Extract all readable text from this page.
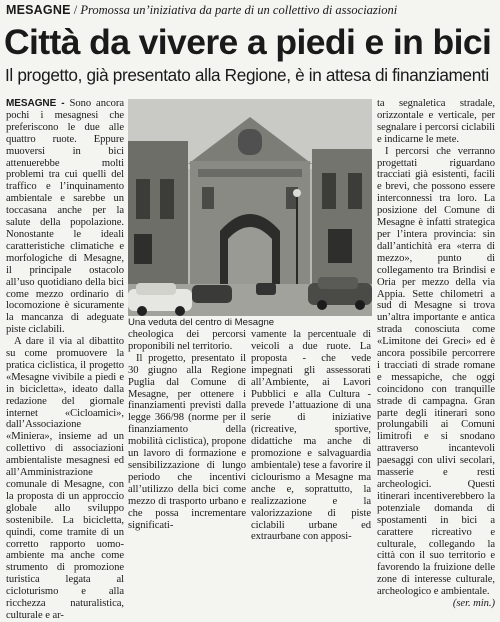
MESAGNE / Promossa un’iniziativa da parte di un collettivo di associazioni
Città da vivere a piedi e in bici
Il progetto, già presentato alla Regione, è in attesa di finanziamenti

MESAGNE - Sono ancora pochi i mesagnesi che preferiscono le due alle quattro ruote. Eppure muoversi in bici attenuerebbe molti problemi tra cui quelli del traffico e l’inquinamento ambientale e sarebbe un toccasana anche per la salute della popolazione. Nonostante le ideali caratteristiche climatiche e morfologiche di Mesagne, il principale ostacolo all’uso quotidiano della bici come mezzo ordinario di locomozione è sicuramente la mancanza di adeguate piste ciclabili.

A dare il via al dibattito su come promuovere la pratica ciclistica, il progetto «Mesagne vivibile a piedi e in bicicletta», ideato dalla redazione del giornale internet «Cicloamici», dall’Associazione «Miniera», insieme ad un collettivo di associazioni ambientaliste mesagnesi ed all’Amministrazione comunale di Mesagne, con la proposta di un approccio globale allo sviluppo sostenibile. La bicicletta, quindi, come tramite di un corretto rapporto uomo-ambiente ma anche come strumento di promozione turistica legata al cicloturismo e alla ricchezza naturalistica, culturale e ar-

Una veduta del centro di Mesagne

cheologica dei percorsi proponibili nel territorio.

Il progetto, presentato il 30 giugno alla Regione Puglia dal Comune di Mesagne, per ottenere i finanziamenti previsti dalla legge 366/98 (norme per il finanziamento della mobilità ciclistica), propone un lavoro di formazione e sensibilizzazione di lungo periodo che incentivi all’utilizzo della bici come mezzo di trasporto urbano e che possa incrementare significati-

vamente la percentuale di veicoli a due ruote. La proposta - che vede impegnati gli assessorati all’Ambiente, ai Lavori Pubblici e alla Cultura - prevede l’attuazione di una serie di iniziative (ricreative, sportive, didattiche ma anche di promozione e salvaguardia ambientale) tese a favorire il ciclourismo a Mesagne ma anche e, soprattutto, la realizzazione e la valorizzazione di piste ciclabili urbane ed extraurbane con apposi-

ta segnaletica stradale, orizzontale e verticale, per segnalare i percorsi ciclabili e indicarne le mete.

I percorsi che verranno progettati riguardano tracciati già esistenti, facili e brevi, che possono essere interconnessi tra loro. La posizione del Comune di Mesagne è infatti strategica per l’intera provincia: sin dall’antichità era «terra di mezzo», punto di collegamento tra Brindisi e Oria per mezzo della via Appia. Sette chilometri a sud di Mesagne si trova un’altra importante e antica strada conosciuta come «Limitone dei Greci» ed è ancora possibile percorrere i tracciati di strade romane e messapiche, che oggi coincidono con tranquille strade di campagna. Gran parte degli itinerari sono prolungabili ai Comuni limitrofi e si snodano attraverso incantevoli paesaggi con ulivi secolari, masserie e resti archeologici. Questi itinerari incentiverebbero la potenziale domanda di spostamenti in bici a carattere ricreativo e culturale, collegando la città con il suo territorio e favorendo la fruizione delle zone di interesse culturale, archeologico e ambientale.

(ser. min.)
